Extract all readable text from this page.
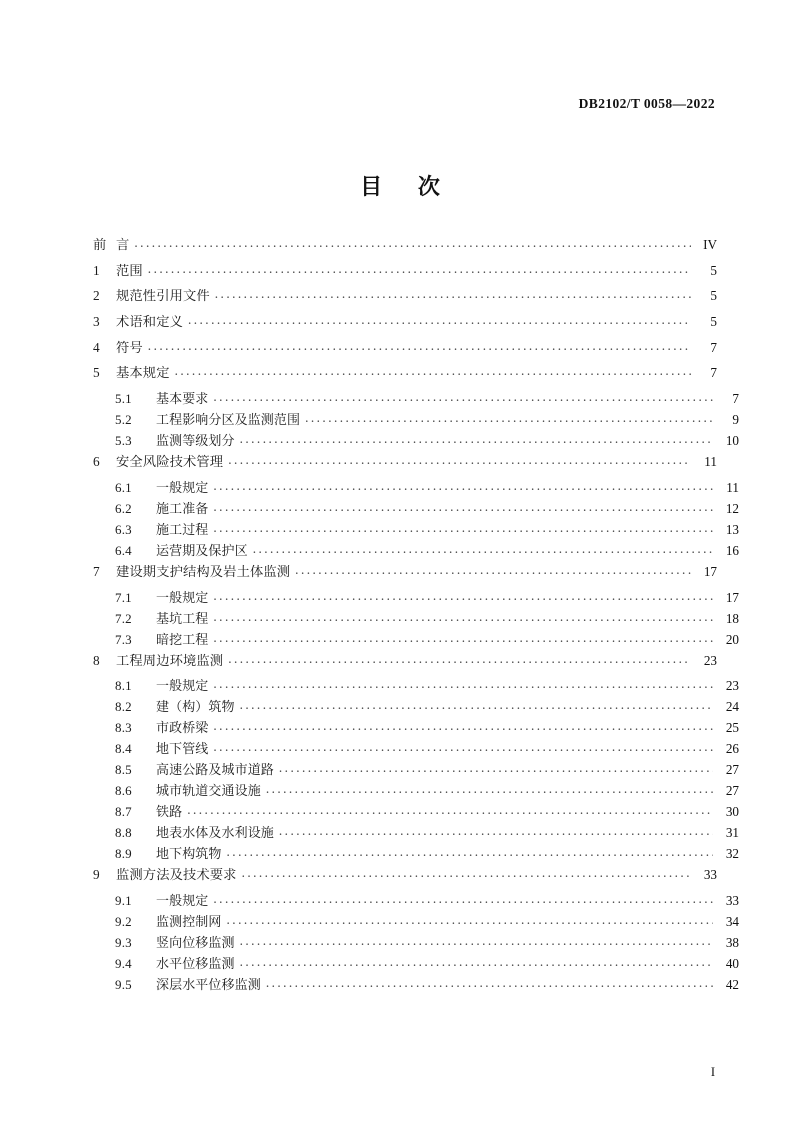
DB2102/T 0058—2022
目 次
前 言 .....	IV
1	范围 .....	5
2	规范性引用文件 .....	5
3	术语和定义 .....	5
4	符号 .....	7
5	基本规定 .....	7
5.1	基本要求 .....	7
5.2	工程影响分区及监测范围 .....	9
5.3	监测等级划分 .....	10
6	安全风险技术管理 .....	11
6.1	一般规定 .....	11
6.2	施工准备 .....	12
6.3	施工过程 .....	13
6.4	运营期及保护区 .....	16
7	建设期支护结构及岩土体监测 .....	17
7.1	一般规定 .....	17
7.2	基坑工程 .....	18
7.3	暗挖工程 .....	20
8	工程周边环境监测 .....	23
8.1	一般规定 .....	23
8.2	建（构）筑物 .....	24
8.3	市政桥梁 .....	25
8.4	地下管线 .....	26
8.5	高速公路及城市道路 .....	27
8.6	城市轨道交通设施 .....	27
8.7	铁路 .....	30
8.8	地表水体及水利设施 .....	31
8.9	地下构筑物 .....	32
9	监测方法及技术要求 .....	33
9.1	一般规定 .....	33
9.2	监测控制网 .....	34
9.3	竖向位移监测 .....	38
9.4	水平位移监测 .....	40
9.5	深层水平位移监测 .....	42
I
